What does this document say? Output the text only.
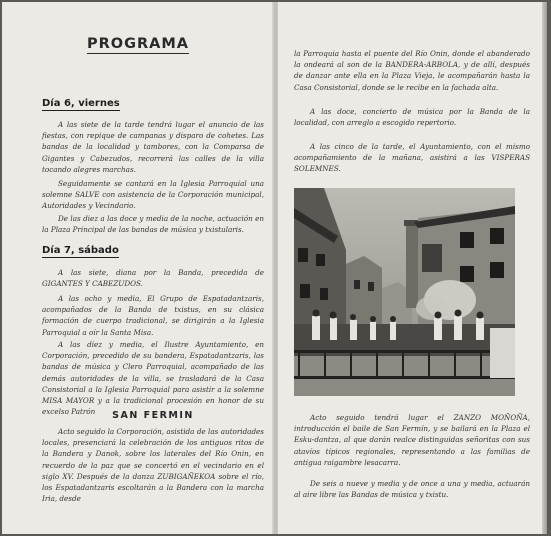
PROGRAMA
Día 6, viernes

A las siete de la tarde tendrá lugar el anuncio de las fiestas, con repique de campanas y disparo de cohetes. Las bandas de la localidad y tambores, con la Comparsa de Gigantes y Cabezudos, recorrerá las calles de la villa tocando alegres marchas.

Seguidamente se cantará en la Iglesia Parroquial una solemne SALVE con asistencia de la Corporación municipal, Autoridades y Vecindario.

De las diez a las doce y media de la noche, actuación en la Plaza Principal de las bandas de música y txistularis.

Día 7, sábado

A las siete, diana por la Banda, precedida de GIGANTES Y CABEZUDOS.

A las ocho y media, El Grupo de Espatadantzaris, acompañados de la Banda de txistus, en su clásica formación de cuerpo tradicional, se dirigirán a la Iglesia Parroquial a oír la Santa Misa.

A las diez y media, el Ilustre Ayuntamiento, en Corporación, precedido de su bandera, Espatadantzaris, las bandas de música y Clero Parroquial, acompañado de las demás autoridades de la villa, se trasladará de la Casa Consistorial a la Iglesia Parroquial para asistir a la solemne MISA MAYOR y a la tradicional procesión en honor de su excelso Patrón	SAN FERMIN

Acto seguido la Corporación, asistida de las autoridades locales, presenciará la celebración de los antiguos ritos de la Bandera y Danok, sobre los laterales del Río Onin, en recuerdo de la paz que se concertó en el vecindario en el siglo XV. Después de la danza ZUBIGAÑEKOA sobre el río, los Espatadantzaris escoltarán a la Bandera con la marcha Iria, desde

la Parroquia hasta el puente del Río Onin, donde el abanderado la ondeará al son de la BANDERA-ARBOLA, y de allí, después de danzar ante ella en la Plaza Vieja, le acompañarán hasta la Casa Consistorial, donde se le recibe en la fachada alta.

A las doce, concierto de música por la Banda de la localidad, con arreglo a escogido repertorio.

A las cinco de la tarde, el Ayuntamiento, con el mismo acompañamiento de la mañana, asistirá a las VISPERAS SOLEMNES.

Acto seguido tendrá lugar el ZANZO MOÑOÑA, introducción el baile de San Fermín, y se bailará en la Plaza el Esku-dantza, al que darán realce distinguidas señoritas con sus atavíos típicos regionales, representando a las familias de antigua raigambre lesacarra.

De seis a nueve y media y de once a una y media, actuarán al aire libre las Bandas de música y txistu.
